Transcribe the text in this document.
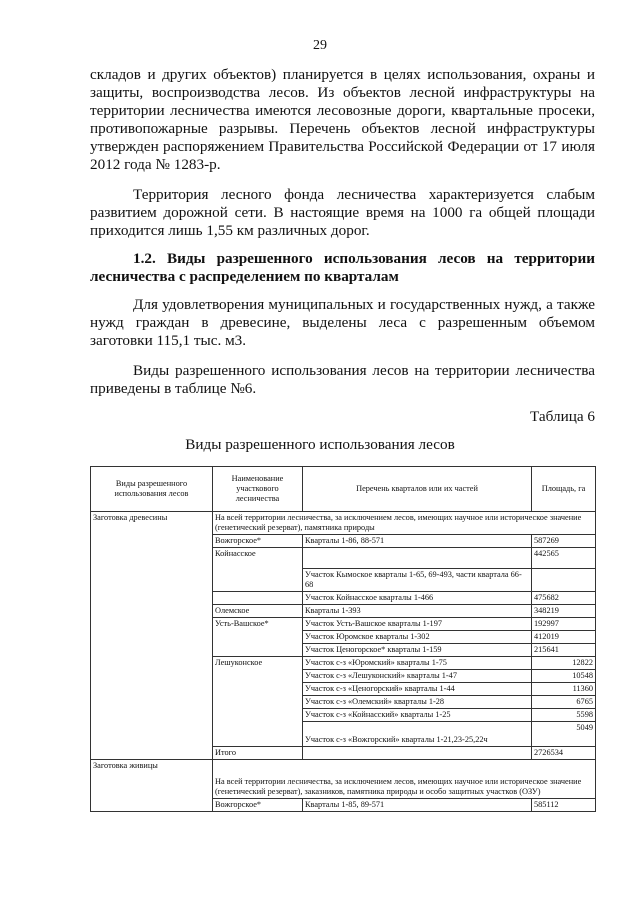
29

складов и других объектов) планируется в целях использования, охраны и защиты, воспроизводства лесов. Из объектов лесной инфраструктуры на территории лесничества имеются лесовозные дороги, квартальные просеки, противопожарные разрывы. Перечень объектов лесной инфраструктуры утвержден распоряжением Правительства Российской Федерации от 17 июля 2012 года № 1283-р.

Территория лесного фонда лесничества характеризуется слабым развитием дорожной сети. В настоящие время на 1000 га общей площади приходится лишь 1,55 км различных дорог.

1.2. Виды разрешенного использования лесов на территории лесничества с распределением по кварталам

Для удовлетворения муниципальных и государственных нужд, а также нужд граждан в древесине, выделены леса с разрешенным объемом заготовки 115,1 тыс. м3.

Виды разрешенного использования лесов на территории лесничества приведены в таблице №6.

Таблица 6
Виды разрешенного использования лесов
Виды разрешенного использования лесов	Наименование участкового лесничества	Перечень кварталов или их частей	Площадь, га
Заготовка древесины	На всей территории лесничества, за исключением лесов, имеющих научное или историческое значение (генетический резерват), памятника природы		
	Вожгорское*	Кварталы 1-86, 88-571	587269
	Койнасское		442565
		Участок Кымоское кварталы 1-65, 69-493, части квартала 66-68	
		Участок Койнасское кварталы 1-466	475682
	Олемское	Кварталы 1-393	348219
	Усть-Вашское*	Участок Усть-Вашское кварталы 1-197	192997
		Участок Юромское кварталы 1-302	412019
		Участок Ценогорское* кварталы 1-159	215641
	Лешуконское	Участок с-з «Юромский» кварталы 1-75	12822
		Участок с-з «Лешуконский» кварталы 1-47	10548
		Участок с-з «Ценогорский» кварталы 1-44	11360
		Участок с-з «Олемский» кварталы 1-28	6765
		Участок с-з «Койнасский» кварталы 1-25	5598
		Участок с-з «Вожгорский» кварталы 1-21,23-25,22ч	5049
	Итого		2726534
Заготовка живицы	На всей территории лесничества, за исключением лесов, имеющих научное или историческое значение (генетический резерват), заказников, памятника природы и особо защитных участков (ОЗУ)		
	Вожгорское*	Кварталы 1-85, 89-571	585112
